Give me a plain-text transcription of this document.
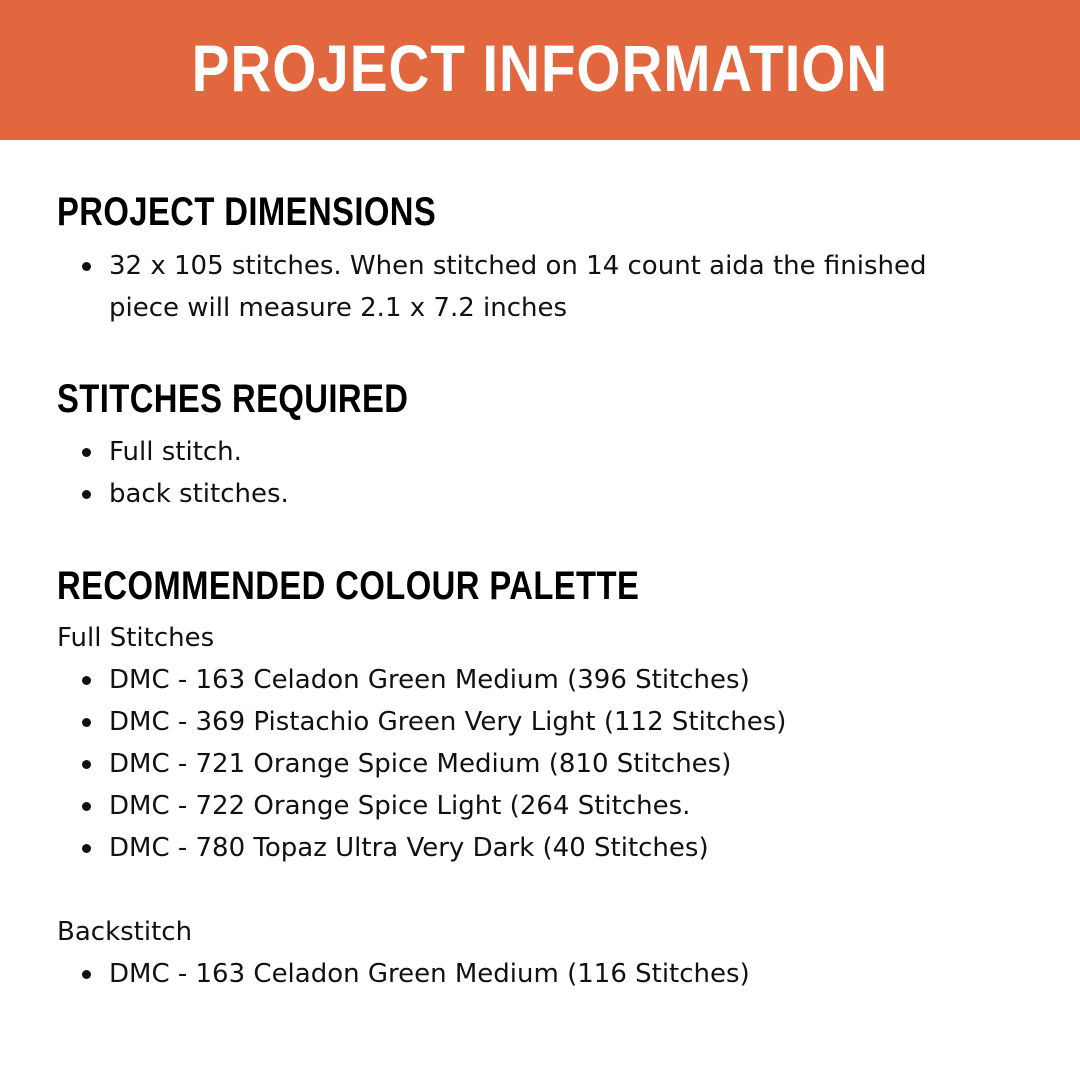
PROJECT INFORMATION
PROJECT DIMENSIONS
32 x 105 stitches. When stitched on 14 count aida the finished piece will measure 2.1 x 7.2 inches
STITCHES REQUIRED
Full stitch.
back stitches.
RECOMMENDED COLOUR PALETTE
Full Stitches
DMC - 163 Celadon Green Medium (396 Stitches)
DMC - 369 Pistachio Green Very Light (112 Stitches)
DMC - 721 Orange Spice Medium (810 Stitches)
DMC - 722 Orange Spice Light (264 Stitches.
DMC - 780 Topaz Ultra Very Dark (40 Stitches)
Backstitch
DMC - 163 Celadon Green Medium (116 Stitches)
